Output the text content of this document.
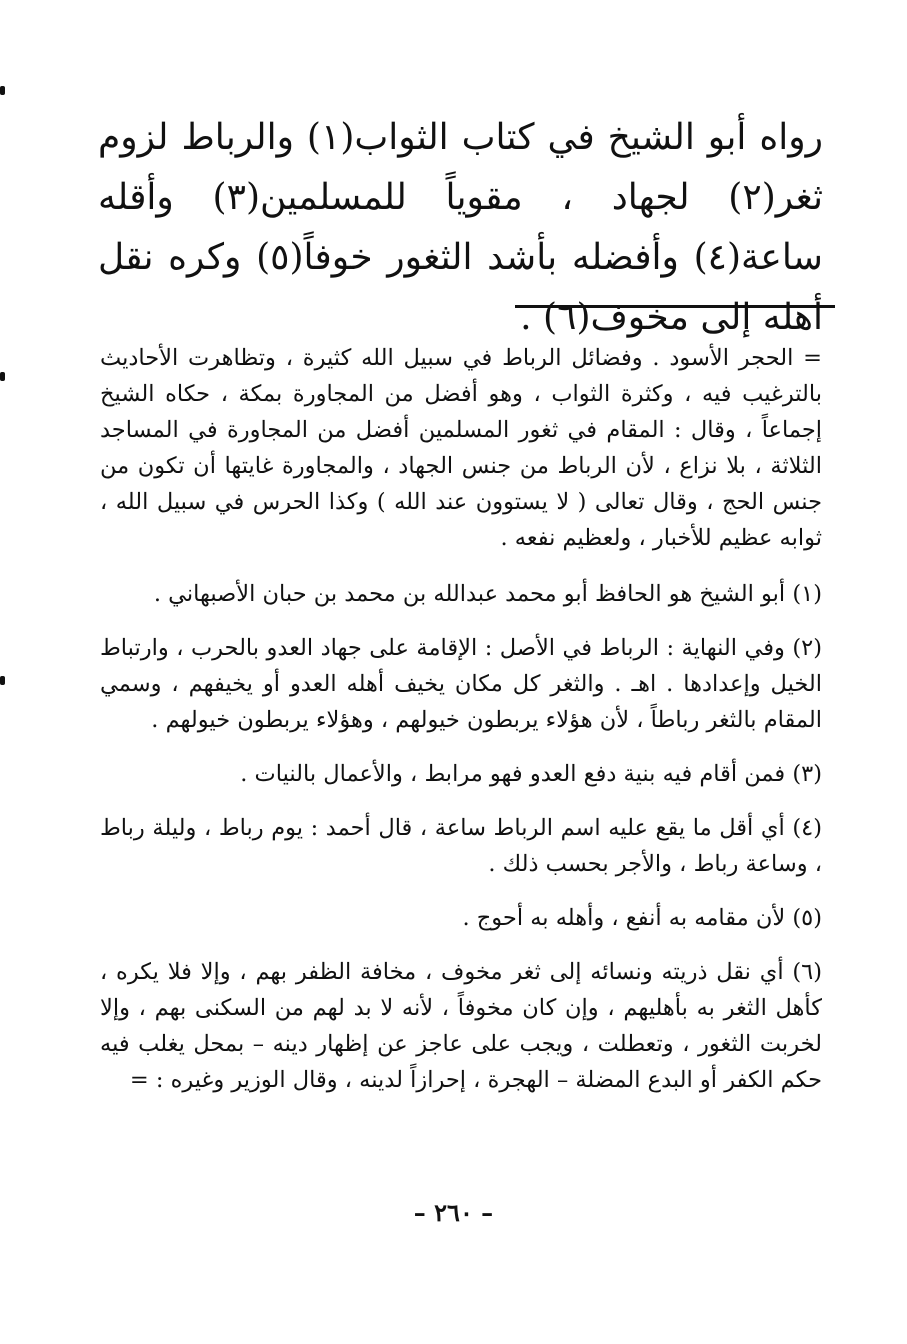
رواه أبو الشيخ في كتاب الثواب(١) والرباط لزوم ثغر(٢) لجهاد ، مقوياً للمسلمين(٣) وأقله ساعة(٤) وأفضله بأشد الثغور خوفاً(٥) وكره نقل أهله إلى مخوف(٦) .

= الحجر الأسود . وفضائل الرباط في سبيل الله كثيرة ، وتظاهرت الأحاديث بالترغيب فيه ، وكثرة الثواب ، وهو أفضل من المجاورة بمكة ، حكاه الشيخ إجماعاً ، وقال : المقام في ثغور المسلمين أفضل من المجاورة في المساجد الثلاثة ، بلا نزاع ، لأن الرباط من جنس الجهاد ، والمجاورة غايتها أن تكون من جنس الحج ، وقال تعالى ( لا يستوون عند الله ) وكذا الحرس في سبيل الله ، ثوابه عظيم للأخبار ، ولعظيم نفعه .

(١) أبو الشيخ هو الحافظ أبو محمد عبدالله بن محمد بن حبان الأصبهاني .

(٢) وفي النهاية : الرباط في الأصل : الإقامة على جهاد العدو بالحرب ، وارتباط الخيل وإعدادها . اهـ . والثغر كل مكان يخيف أهله العدو أو يخيفهم ، وسمي المقام بالثغر رباطاً ، لأن هؤلاء يربطون خيولهم ، وهؤلاء يربطون خيولهم .

(٣) فمن أقام فيه بنية دفع العدو فهو مرابط ، والأعمال بالنيات .

(٤) أي أقل ما يقع عليه اسم الرباط ساعة ، قال أحمد : يوم رباط ، وليلة رباط ، وساعة رباط ، والأجر بحسب ذلك .

(٥) لأن مقامه به أنفع ، وأهله به أحوج .

(٦) أي نقل ذريته ونسائه إلى ثغر مخوف ، مخافة الظفر بهم ، وإلا فلا يكره ، كأهل الثغر به بأهليهم ، وإن كان مخوفاً ، لأنه لا بد لهم من السكنى بهم ، وإلا لخربت الثغور ، وتعطلت ، ويجب على عاجز عن إظهار دينه – بمحل يغلب فيه حكم الكفر أو البدع المضلة – الهجرة ، إحرازاً لدينه ، وقال الوزير وغيره : =

– ٢٦٠ –
